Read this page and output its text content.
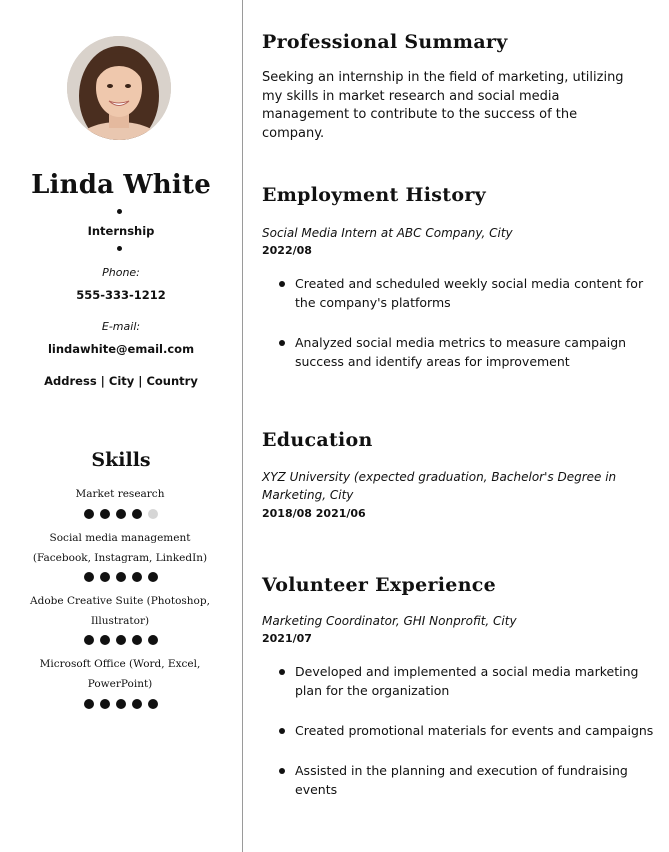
Linda White
Internship
Phone:
555-333-1212
E-mail:
lindawhite@email.com
Address | City | Country
Skills
Market research
Social media management (Facebook, Instagram, LinkedIn)
Adobe Creative Suite (Photoshop, Illustrator)
Microsoft Office (Word, Excel, PowerPoint)
Professional Summary
Seeking an internship in the field of marketing, utilizing my skills in market research and social media management to contribute to the success of the company.
Employment History
Social Media Intern at ABC Company, City
2022/08
Created and scheduled weekly social media content for the company's platforms
Analyzed social media metrics to measure campaign success and identify areas for improvement
Education
XYZ University (expected graduation, Bachelor's Degree in Marketing, City
2018/08 2021/06
Volunteer Experience
Marketing Coordinator, GHI Nonprofit, City
2021/07
Developed and implemented a social media marketing plan for the organization
Created promotional materials for events and campaigns
Assisted in the planning and execution of fundraising events
